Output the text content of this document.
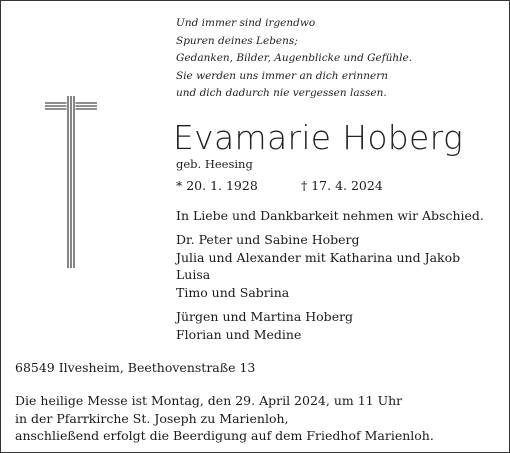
Und immer sind irgendwo
Spuren deines Lebens;
Gedanken, Bilder, Augenblicke und Gefühle.
Sie werden uns immer an dich erinnern
und dich dadurch nie vergessen lassen.
Evamarie Hoberg
geb. Heesing
* 20. 1. 1928	† 17. 4. 2024
In Liebe und Dankbarkeit nehmen wir Abschied.
Dr. Peter und Sabine Hoberg
Julia und Alexander mit Katharina und Jakob
Luisa
Timo und Sabrina
Jürgen und Martina Hoberg
Florian und Medine
68549 Ilvesheim, Beethovenstraße 13
Die heilige Messe ist Montag, den 29. April 2024, um 11 Uhr
in der Pfarrkirche St. Joseph zu Marienloh,
anschließend erfolgt die Beerdigung auf dem Friedhof Marienloh.
